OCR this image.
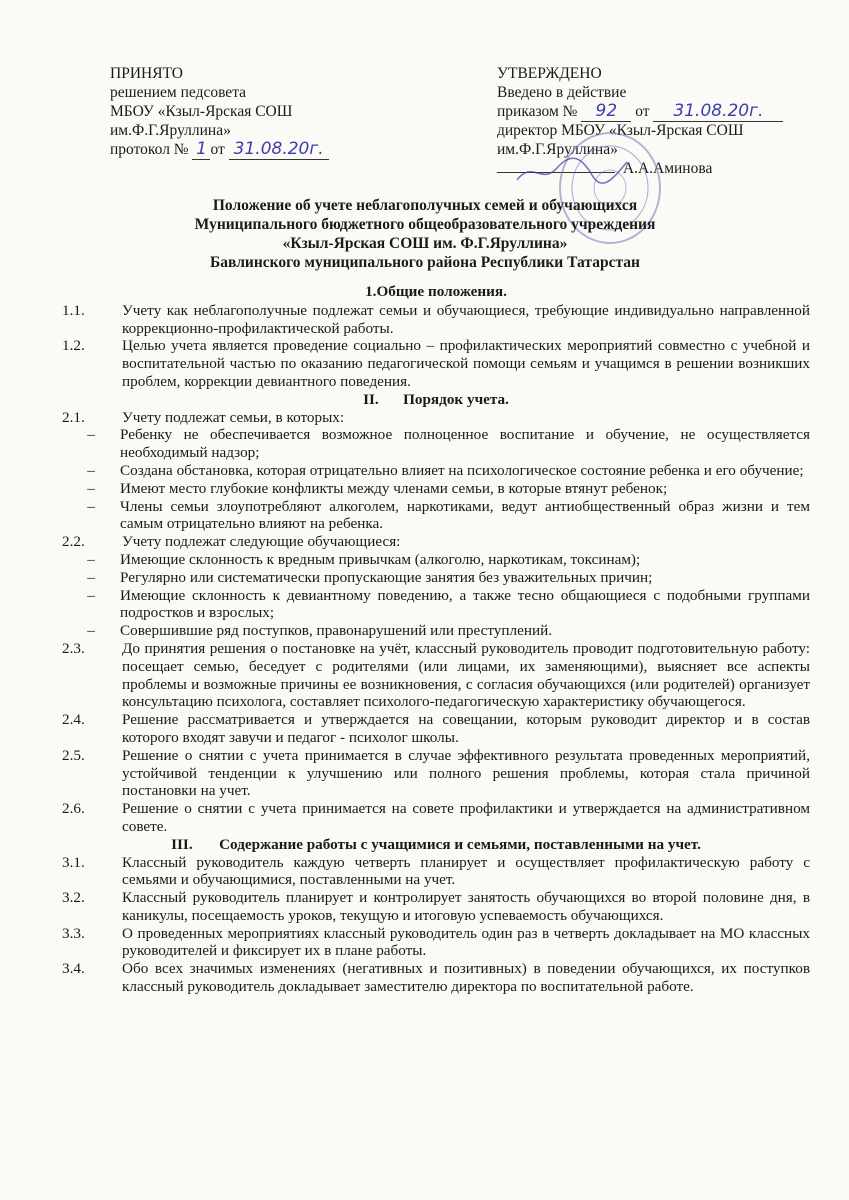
ПРИНЯТО
решением педсовета
МБОУ «Кзыл-Ярская СОШ
им.Ф.Г.Яруллина»
протокол № 1 от 31.08.20г.
УТВЕРЖДЕНО
Введено в действие
приказом № 92 от 31.08.20г.
директор МБОУ «Кзыл-Ярская СОШ
им.Ф.Г.Яруллина»
А.А.Аминова
Положение об учете неблагополучных семей и обучающихся
Муниципального бюджетного общеобразовательного учреждения
«Кзыл-Ярская СОШ им. Ф.Г.Яруллина»
Бавлинского муниципального района Республики Татарстан
1.Общие положения.
1.1.	Учету как неблагополучные подлежат семьи и обучающиеся, требующие индивидуально направленной коррекционно-профилактической работы.
1.2.	Целью учета является проведение социально – профилактических мероприятий совместно с учебной и воспитательной частью по оказанию педагогической помощи семьям и учащимся в решении возникших проблем, коррекции девиантного поведения.
II. Порядок учета.
2.1.	Учету подлежат семьи, в которых:
–	Ребенку не обеспечивается возможное полноценное воспитание и обучение, не осуществляется необходимый надзор;
–	Создана обстановка, которая отрицательно влияет на психологическое состояние ребенка и его обучение;
–	Имеют место глубокие конфликты между членами семьи, в которые втянут ребенок;
–	Члены семьи злоупотребляют алкоголем, наркотиками, ведут антиобщественный образ жизни и тем самым отрицательно влияют на ребенка.
2.2.	Учету подлежат следующие обучающиеся:
–	Имеющие склонность к вредным привычкам (алкоголю, наркотикам, токсинам);
–	Регулярно или систематически пропускающие занятия без уважительных причин;
–	Имеющие склонность к девиантному поведению, а также тесно общающиеся с подобными группами подростков и взрослых;
–	Совершившие ряд поступков, правонарушений или преступлений.
2.3.	До принятия решения о постановке на учёт, классный руководитель проводит подготовительную работу: посещает семью, беседует с родителями (или лицами, их заменяющими), выясняет все аспекты проблемы и возможные причины ее возникновения, с согласия обучающихся (или родителей) организует консультацию психолога, составляет психолого-педагогическую характеристику обучающегося.
2.4.	Решение рассматривается и утверждается на совещании, которым руководит директор и в состав которого входят завучи и педагог - психолог школы.
2.5.	Решение о снятии с учета принимается в случае эффективного результата проведенных мероприятий, устойчивой тенденции к улучшению или полного решения проблемы, которая стала причиной постановки на учет.
2.6.	Решение о снятии с учета принимается на совете профилактики и утверждается на административном совете.
III. Содержание работы с учащимися и семьями, поставленными на учет.
3.1.	Классный руководитель каждую четверть планирует и осуществляет профилактическую работу с семьями и обучающимися, поставленными на учет.
3.2.	Классный руководитель планирует и контролирует занятость обучающихся во второй половине дня, в каникулы, посещаемость уроков, текущую и итоговую успеваемость обучающихся.
3.3.	О проведенных мероприятиях классный руководитель один раз в четверть докладывает на МО классных руководителей и фиксирует их в плане работы.
3.4.	Обо всех значимых изменениях (негативных и позитивных) в поведении обучающихся, их поступков классный руководитель докладывает заместителю директора по воспитательной работе.
